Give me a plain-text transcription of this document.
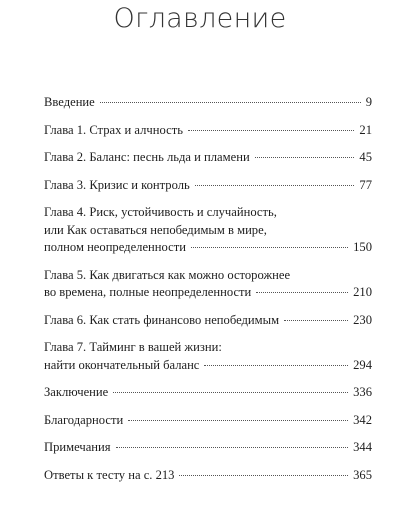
Оглавление
Введение	9
Глава 1. Страх и алчность	21
Глава 2. Баланс: песнь льда и пламени	45
Глава 3. Кризис и контроль	77
Глава 4. Риск, устойчивость и случайность,
или Как оставаться непобедимым в мире,
полном неопределенности	150
Глава 5. Как двигаться как можно осторожнее
во времена, полные неопределенности	210
Глава 6. Как стать финансово непобедимым	230
Глава 7. Тайминг в вашей жизни:
найти окончательный баланс	294
Заключение	336
Благодарности	342
Примечания	344
Ответы к тесту на с. 213	365
